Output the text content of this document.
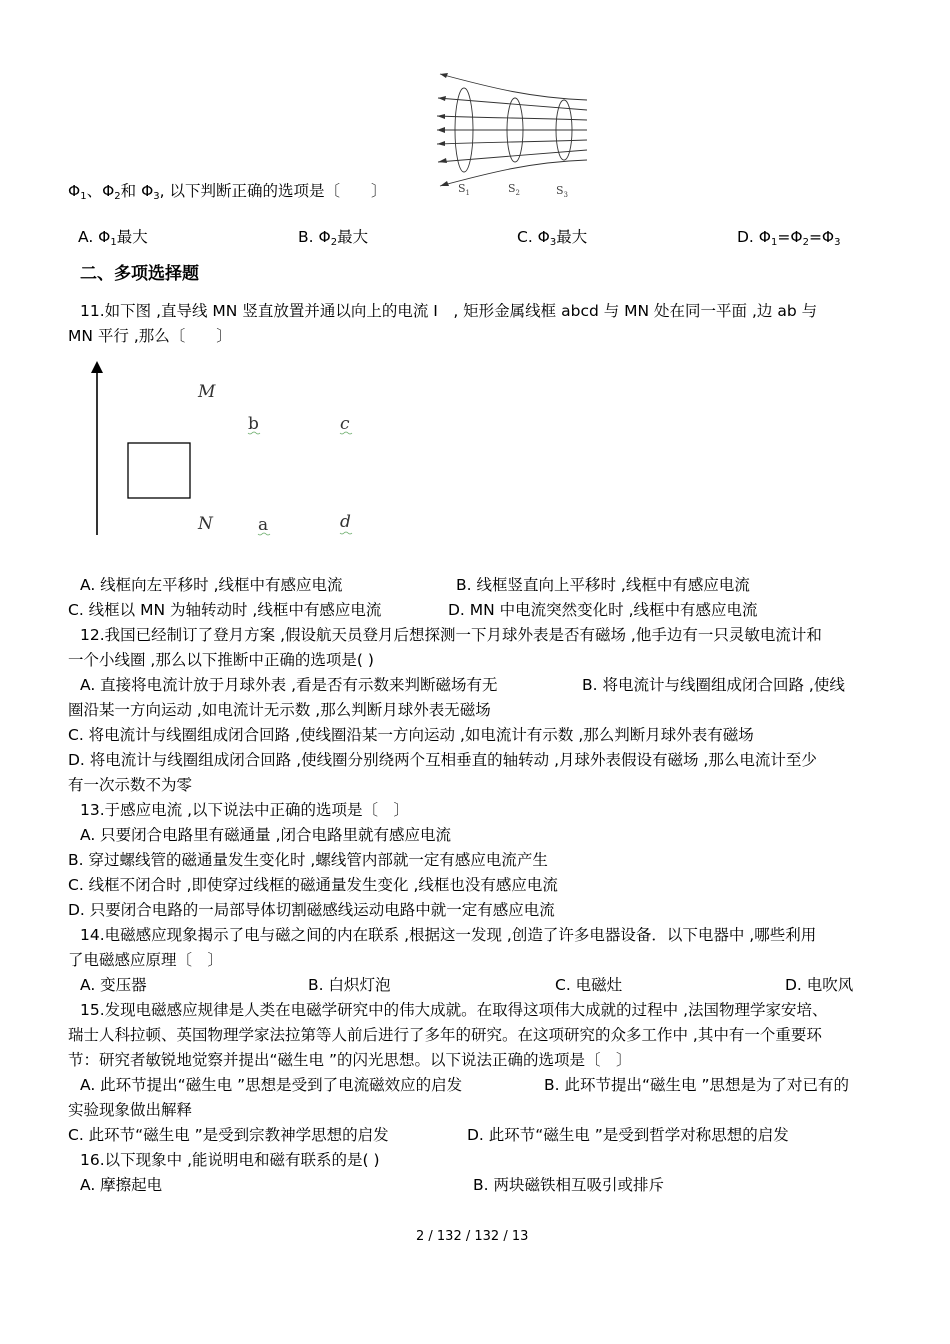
$S_1$	$S_2$	$S_3$
$\Phi_1$、$\Phi_2$和 $\Phi_3$, 以下判断正确的选项是〔　　〕
A. $\Phi_1$最大	B. $\Phi_2$最大	C. $\Phi_3$最大	D. $\Phi_1=\Phi_2=\Phi_3$
二、多项选择题
11.如下图 ,直导线 MN 竖直放置并通以向上的电流 I　, 矩形金属线框 abcd 与 MN 处在同一平面 ,边 ab 与
MN 平行 ,那么〔　　〕
M
b	c
N	a	d
A. 线框向左平移时 ,线框中有感应电流	B. 线框竖直向上平移时 ,线框中有感应电流
C. 线框以 MN 为轴转动时 ,线框中有感应电流	D. MN 中电流突然变化时 ,线框中有感应电流
12.我国已经制订了登月方案 ,假设航天员登月后想探测一下月球外表是否有磁场 ,他手边有一只灵敏电流计和
一个小线圈 ,那么以下推断中正确的选项是( )
A. 直接将电流计放于月球外表 ,看是否有示数来判断磁场有无	B. 将电流计与线圈组成闭合回路 ,使线
圈沿某一方向运动 ,如电流计无示数 ,那么判断月球外表无磁场
C. 将电流计与线圈组成闭合回路 ,使线圈沿某一方向运动 ,如电流计有示数 ,那么判断月球外表有磁场
D. 将电流计与线圈组成闭合回路 ,使线圈分别绕两个互相垂直的轴转动 ,月球外表假设有磁场 ,那么电流计至少
有一次示数不为零
13.于感应电流 ,以下说法中正确的选项是〔　〕
A. 只要闭合电路里有磁通量 ,闭合电路里就有感应电流
B. 穿过螺线管的磁通量发生变化时 ,螺线管内部就一定有感应电流产生
C. 线框不闭合时 ,即使穿过线框的磁通量发生变化 ,线框也没有感应电流
D. 只要闭合电路的一局部导体切割磁感线运动电路中就一定有感应电流
14.电磁感应现象揭示了电与磁之间的内在联系 ,根据这一发现 ,创造了许多电器设备．以下电器中 ,哪些利用
了电磁感应原理〔　〕
A. 变压器	B. 白炽灯泡	C. 电磁灶	D. 电吹风
15.发现电磁感应规律是人类在电磁学研究中的伟大成就。在取得这项伟大成就的过程中 ,法国物理学家安培、
瑞士人科拉顿、英国物理学家法拉第等人前后进行了多年的研究。在这项研究的众多工作中 ,其中有一个重要环
节：研究者敏锐地觉察并提出“磁生电 ”的闪光思想。以下说法正确的选项是〔　〕
A. 此环节提出“磁生电 ”思想是受到了电流磁效应的启发	B. 此环节提出“磁生电 ”思想是为了对已有的
实验现象做出解释
C. 此环节“磁生电 ”是受到宗教神学思想的启发	D. 此环节“磁生电 ”是受到哲学对称思想的启发
16.以下现象中 ,能说明电和磁有联系的是( )
A. 摩擦起电	B. 两块磁铁相互吸引或排斥
2 / 132 / 132 / 13
